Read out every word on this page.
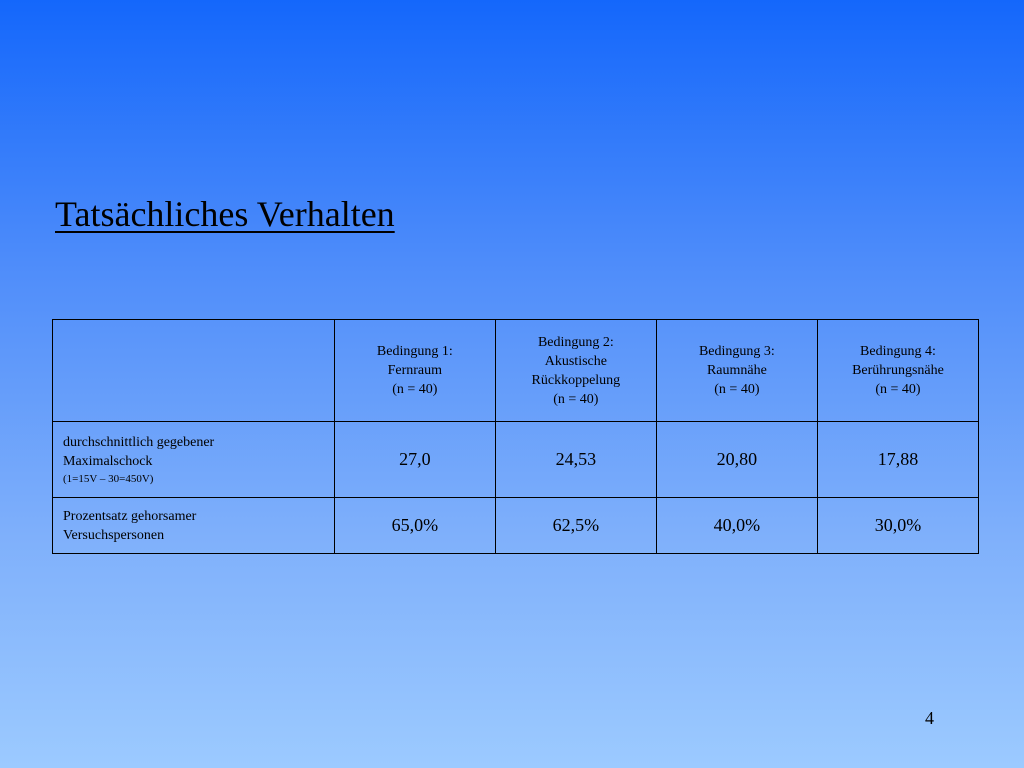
Tatsächliches Verhalten

	Bedingung 1:
Fernraum
(n = 40)	Bedingung 2:
Akustische
Rückkoppelung
(n = 40)	Bedingung 3:
Raumnähe
(n = 40)	Bedingung 4:
Berührungsnähe
(n = 40)

durchschnittlich gegebener
Maximalschock
(1=15V – 30=450V)	27,0	24,53	20,80	17,88

Prozentsatz gehorsamer
Versuchspersonen	65,0%	62,5%	40,0%	30,0%
4
